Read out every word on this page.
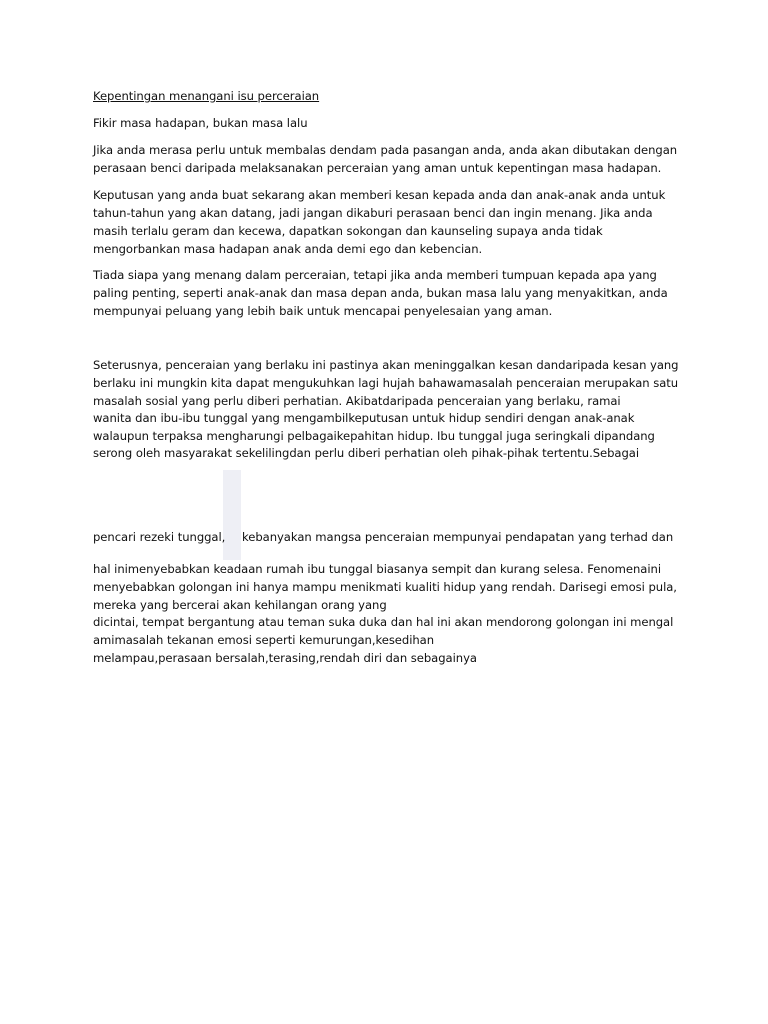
Kepentingan menangani isu perceraian
Fikir masa hadapan, bukan masa lalu
Jika anda merasa perlu untuk membalas dendam pada pasangan anda, anda akan dibutakan dengan
perasaan benci daripada melaksanakan perceraian yang aman untuk kepentingan masa hadapan.
Keputusan yang anda buat sekarang akan memberi kesan kepada anda dan anak-anak anda untuk
tahun-tahun yang akan datang, jadi jangan dikaburi perasaan benci dan ingin menang. Jika anda
masih terlalu geram dan kecewa, dapatkan sokongan dan kaunseling supaya anda tidak
mengorbankan masa hadapan anak anda demi ego dan kebencian.
Tiada siapa yang menang dalam perceraian, tetapi jika anda memberi tumpuan kepada apa yang
paling penting, seperti anak-anak dan masa depan anda, bukan masa lalu yang menyakitkan, anda
mempunyai peluang yang lebih baik untuk mencapai penyelesaian yang aman.
Seterusnya, penceraian yang berlaku ini pastinya akan meninggalkan kesan dandaripada kesan yang
berlaku ini mungkin kita dapat mengukuhkan lagi hujah bahawamasalah penceraian merupakan satu
masalah sosial yang perlu diberi perhatian. Akibatdaripada penceraian yang berlaku, ramai
wanita dan ibu-ibu tunggal yang mengambilkeputusan untuk hidup sendiri dengan anak-anak
walaupun terpaksa mengharungi pelbagaikepahitan hidup. Ibu tunggal juga seringkali dipandang
serong oleh masyarakat sekelilingdan perlu diberi perhatian oleh pihak-pihak tertentu.Sebagai
pencari rezeki tunggal, kebanyakan mangsa penceraian mempunyai pendapatan yang terhad dan
hal inimenyebabkan keadaan rumah ibu tunggal biasanya sempit dan kurang selesa. Fenomenaini
menyebabkan golongan ini hanya mampu menikmati kualiti hidup yang rendah. Darisegi emosi pula,
mereka yang bercerai akan kehilangan orang yang
dicintai, tempat bergantung atau teman suka duka dan hal ini akan mendorong golongan ini mengal
amimasalah tekanan emosi seperti kemurungan,kesedihan
melampau,perasaan bersalah,terasing,rendah diri dan sebagainya
